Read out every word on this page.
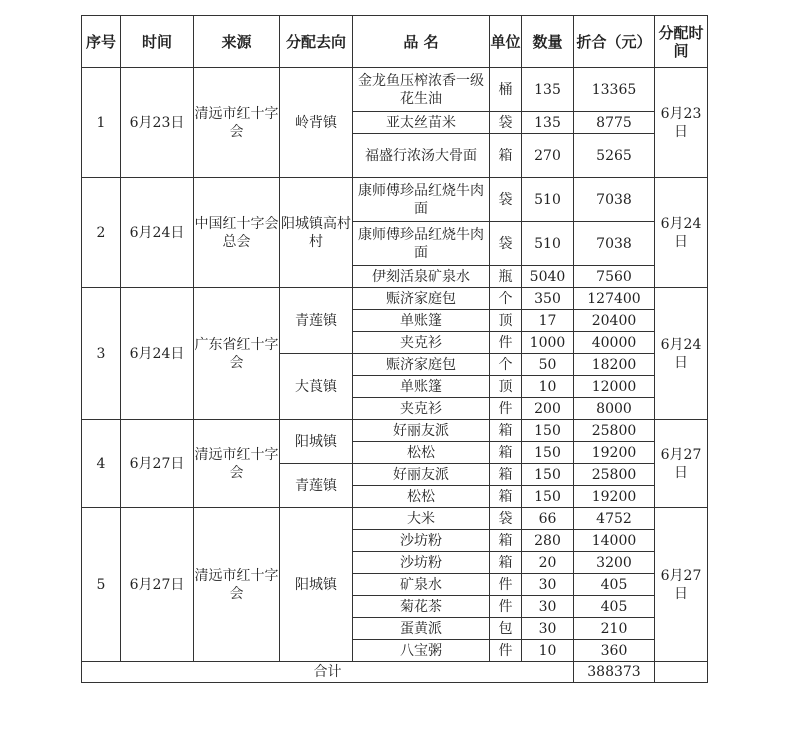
序号	时间	来源	分配去向	品 名	单位	数量	折合（元）	分配时间
1	6月23日	清远市红十字会	岭背镇	金龙鱼压榨浓香一级花生油	桶	135	13365	6月23日
				亚太丝苗米	袋	135	8775	
				福盛行浓汤大骨面	箱	270	5265	
2	6月24日	中国红十字会总会	阳城镇高村村	康师傅珍品红烧牛肉面	袋	510	7038	6月24日
				康师傅珍品红烧牛肉面	袋	510	7038	
				伊刻活泉矿泉水	瓶	5040	7560	
3	6月24日	广东省红十字会	青莲镇	赈济家庭包	个	350	127400	6月24日
				单账篷	顶	17	20400	
				夹克衫	件	1000	40000	
			大莨镇	赈济家庭包	个	50	18200	
				单账篷	顶	10	12000	
				夹克衫	件	200	8000	
4	6月27日	清远市红十字会	阳城镇	好丽友派	箱	150	25800	6月27日
				松松	箱	150	19200	
			青莲镇	好丽友派	箱	150	25800	
				松松	箱	150	19200	
5	6月27日	清远市红十字会	阳城镇	大米	袋	66	4752	6月27日
				沙坊粉	箱	280	14000	
				沙坊粉	箱	20	3200	
				矿泉水	件	30	405	
				菊花茶	件	30	405	
				蛋黄派	包	30	210	
				八宝粥	件	10	360	
合计							388373	
